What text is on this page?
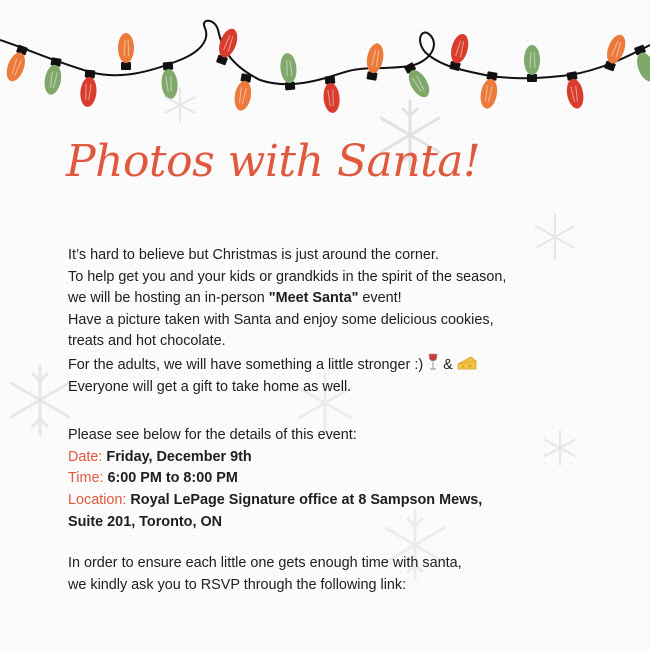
Photos with Santa!

It’s hard to believe but Christmas is just around the corner.

To help get you and your kids or grandkids in the spirit of the season,

we will be hosting an in-person "Meet Santa" event!

Have a picture taken with Santa and enjoy some delicious cookies,

treats and hot chocolate.

For the adults, we will have something a little stronger :) &

Everyone will get a gift to take home as well.

Please see below for the details of this event:

Date: Friday, December 9th

Time: 6:00 PM to 8:00 PM

Location: Royal LePage Signature office at 8 Sampson Mews,

Suite 201, Toronto, ON

In order to ensure each little one gets enough time with santa,

we kindly ask you to RSVP through the following link:
